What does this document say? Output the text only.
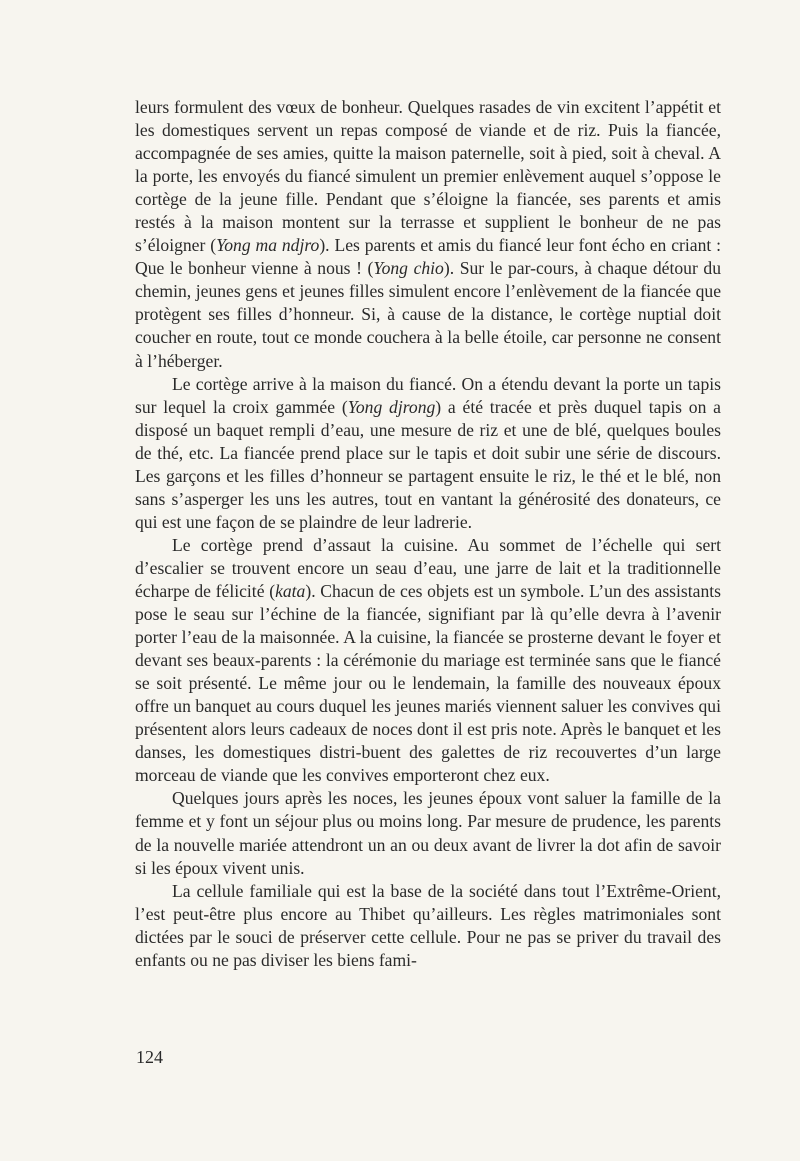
leurs formulent des vœux de bonheur. Quelques rasades de vin excitent l’appétit et les domestiques servent un repas composé de viande et de riz. Puis la fiancée, accompagnée de ses amies, quitte la maison paternelle, soit à pied, soit à cheval. A la porte, les envoyés du fiancé simulent un premier enlèvement auquel s’oppose le cortège de la jeune fille. Pendant que s’éloigne la fiancée, ses parents et amis restés à la maison montent sur la terrasse et supplient le bonheur de ne pas s’éloigner (Yong ma ndjro). Les parents et amis du fiancé leur font écho en criant : Que le bonheur vienne à nous ! (Yong chio). Sur le par-cours, à chaque détour du chemin, jeunes gens et jeunes filles simulent encore l’enlèvement de la fiancée que protègent ses filles d’honneur. Si, à cause de la distance, le cortège nuptial doit coucher en route, tout ce monde couchera à la belle étoile, car personne ne consent à l’héberger.

Le cortège arrive à la maison du fiancé. On a étendu devant la porte un tapis sur lequel la croix gammée (Yong djrong) a été tracée et près duquel tapis on a disposé un baquet rempli d’eau, une mesure de riz et une de blé, quelques boules de thé, etc. La fiancée prend place sur le tapis et doit subir une série de discours. Les garçons et les filles d’honneur se partagent ensuite le riz, le thé et le blé, non sans s’asperger les uns les autres, tout en vantant la générosité des donateurs, ce qui est une façon de se plaindre de leur ladrerie.

Le cortège prend d’assaut la cuisine. Au sommet de l’échelle qui sert d’escalier se trouvent encore un seau d’eau, une jarre de lait et la traditionnelle écharpe de félicité (kata). Chacun de ces objets est un symbole. L’un des assistants pose le seau sur l’échine de la fiancée, signifiant par là qu’elle devra à l’avenir porter l’eau de la maisonnée. A la cuisine, la fiancée se prosterne devant le foyer et devant ses beaux-parents : la cérémonie du mariage est terminée sans que le fiancé se soit présenté. Le même jour ou le lendemain, la famille des nouveaux époux offre un banquet au cours duquel les jeunes mariés viennent saluer les convives qui présentent alors leurs cadeaux de noces dont il est pris note. Après le banquet et les danses, les domestiques distri-buent des galettes de riz recouvertes d’un large morceau de viande que les convives emporteront chez eux.

Quelques jours après les noces, les jeunes époux vont saluer la famille de la femme et y font un séjour plus ou moins long. Par mesure de prudence, les parents de la nouvelle mariée attendront un an ou deux avant de livrer la dot afin de savoir si les époux vivent unis.

La cellule familiale qui est la base de la société dans tout l’Extrême-Orient, l’est peut-être plus encore au Thibet qu’ailleurs. Les règles matrimoniales sont dictées par le souci de préserver cette cellule. Pour ne pas se priver du travail des enfants ou ne pas diviser les biens fami-

124
